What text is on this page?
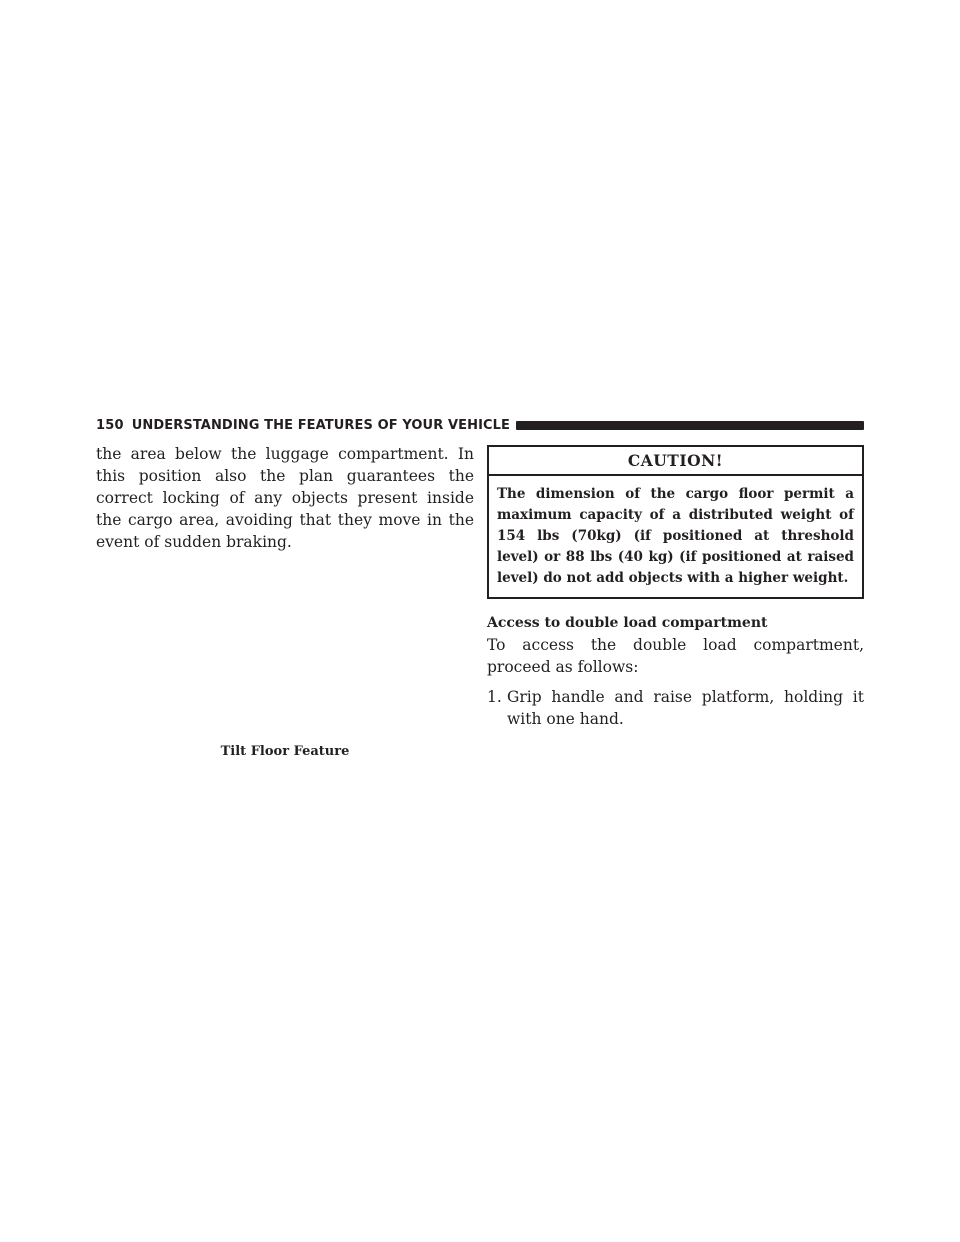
150 UNDERSTANDING THE FEATURES OF YOUR VEHICLE

the area below the luggage compartment. In this position also the plan guarantees the correct locking of any objects present inside the cargo area, avoiding that they move in the event of sudden braking.

Tilt Floor Feature
CAUTION!
The dimension of the cargo floor permit a maximum capacity of a distributed weight of 154 lbs (70kg) (if positioned at threshold level) or 88 lbs (40 kg) (if positioned at raised level) do not add objects with a higher weight.
Access to double load compartment

To access the double load compartment, proceed as follows:

1. Grip handle and raise platform, holding it with one hand.
